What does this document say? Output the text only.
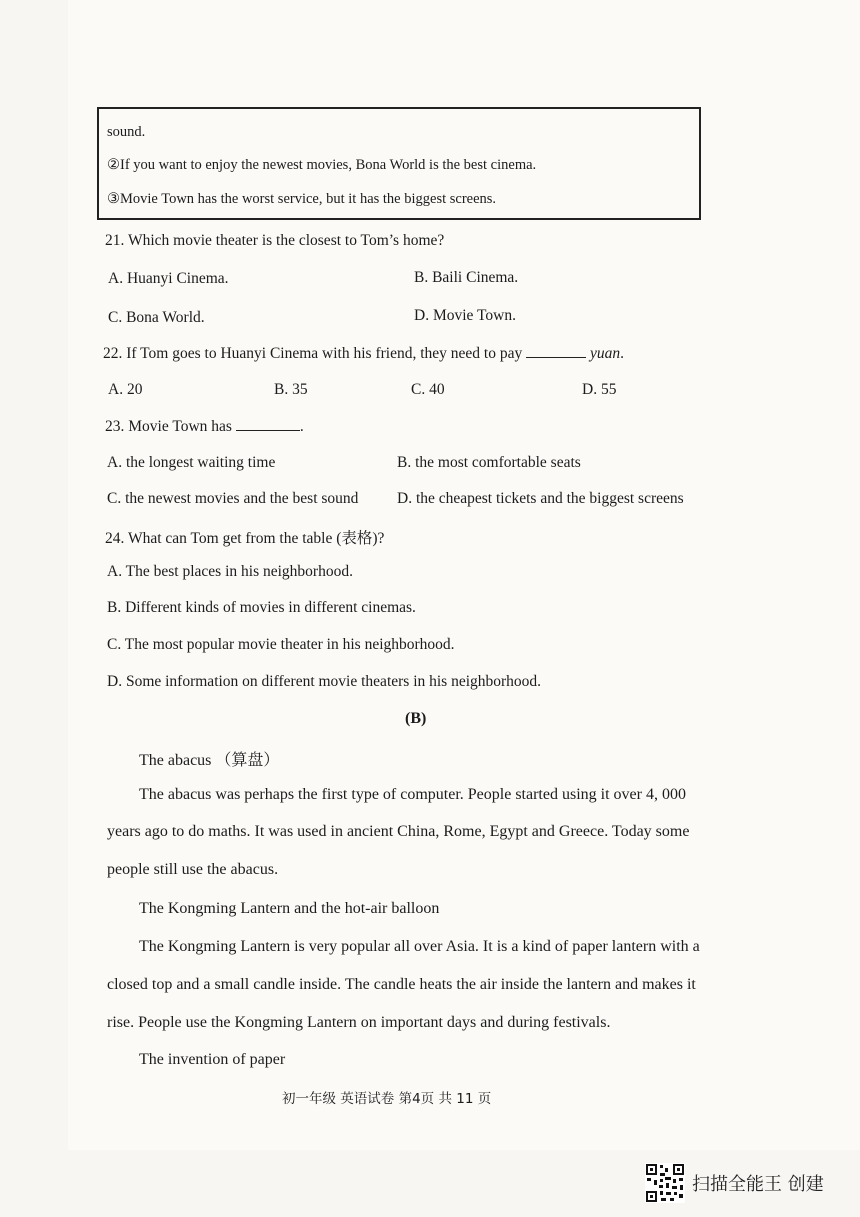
sound.
②If you want to enjoy the newest movies, Bona World is the best cinema.
③Movie Town has the worst service, but it has the biggest screens.
21. Which movie theater is the closest to Tom’s home?
A. Huanyi Cinema.	B. Baili Cinema.
C. Bona World.	D. Movie Town.
22. If Tom goes to Huanyi Cinema with his friend, they need to pay	yuan.
A. 20	B. 35	C. 40	D. 55
23. Movie Town has	.
A. the longest waiting time	B. the most comfortable seats
C. the newest movies and the best sound D. the cheapest tickets and the biggest screens
24. What can Tom get from the table (表格)?
A. The best places in his neighborhood.
B. Different kinds of movies in different cinemas.
C. The most popular movie theater in his neighborhood.
D. Some information on different movie theaters in his neighborhood.
(B)
The abacus （算盘）
The abacus was perhaps the first type of computer. People started using it over 4, 000
years ago to do maths. It was used in ancient China, Rome, Egypt and Greece. Today some
people still use the abacus.
The Kongming Lantern and the hot-air balloon
The Kongming Lantern is very popular all over Asia. It is a kind of paper lantern with a
closed top and a small candle inside. The candle heats the air inside the lantern and makes it
rise. People use the Kongming Lantern on important days and during festivals.
The invention of paper
初一年级 英语试卷 第4页 共 11 页
扫描全能王 创建
